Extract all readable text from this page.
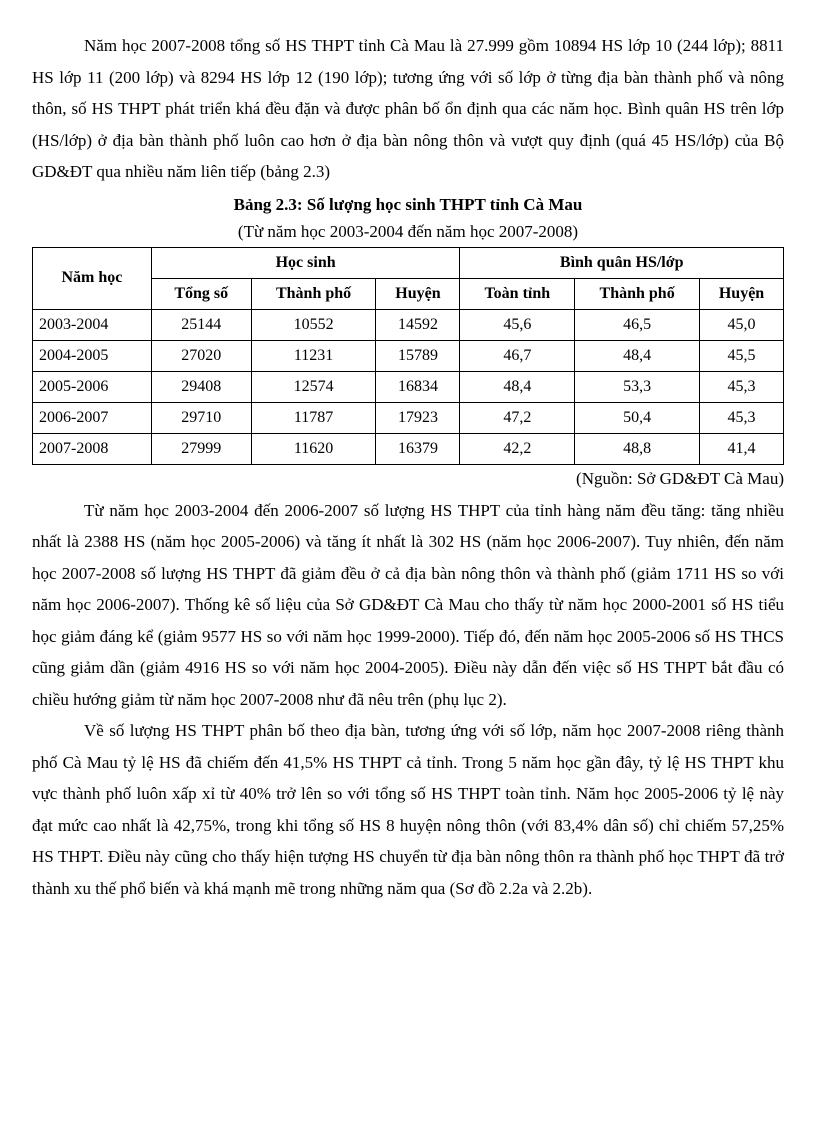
Năm học 2007-2008 tổng số HS THPT tỉnh Cà Mau là 27.999 gồm 10894 HS lớp 10 (244 lớp); 8811 HS lớp 11 (200 lớp) và 8294 HS lớp 12 (190 lớp); tương ứng với số lớp ở từng địa bàn thành phố và nông thôn, số HS THPT phát triển khá đều đặn và được phân bố ổn định qua các năm học. Bình quân HS trên lớp (HS/lớp) ở địa bàn thành phố luôn cao hơn ở địa bàn nông thôn và vượt quy định (quá 45 HS/lớp) của Bộ GD&ĐT qua nhiều năm liên tiếp (bảng 2.3)

Bảng 2.3: Số lượng học sinh THPT tỉnh Cà Mau
(Từ năm học 2003-2004 đến năm học 2007-2008)
Năm học	Học sinh			Bình quân HS/lớp		
	Tổng số	Thành phố	Huyện	Toàn tỉnh	Thành phố	Huyện
2003-2004	25144	10552	14592	45,6	46,5	45,0
2004-2005	27020	11231	15789	46,7	48,4	45,5
2005-2006	29408	12574	16834	48,4	53,3	45,3
2006-2007	29710	11787	17923	47,2	50,4	45,3
2007-2008	27999	11620	16379	42,2	48,8	41,4
(Nguồn: Sở GD&ĐT Cà Mau)

Từ năm học 2003-2004 đến 2006-2007 số lượng HS THPT của tỉnh hàng năm đều tăng: tăng nhiều nhất là 2388 HS (năm học 2005-2006) và tăng ít nhất là 302 HS (năm học 2006-2007). Tuy nhiên, đến năm học 2007-2008 số lượng HS THPT đã giảm đều ở cả địa bàn nông thôn và thành phố (giảm 1711 HS so với năm học 2006-2007). Thống kê số liệu của Sở GD&ĐT Cà Mau cho thấy từ năm học 2000-2001 số HS tiểu học giảm đáng kể (giảm 9577 HS so với năm học 1999-2000). Tiếp đó, đến năm học 2005-2006 số HS THCS cũng giảm dần (giảm 4916 HS so với năm học 2004-2005). Điều này dẫn đến việc số HS THPT bắt đầu có chiều hướng giảm từ năm học 2007-2008 như đã nêu trên (phụ lục 2).

Về số lượng HS THPT phân bố theo địa bàn, tương ứng với số lớp, năm học 2007-2008 riêng thành phố Cà Mau tỷ lệ HS đã chiếm đến 41,5% HS THPT cả tỉnh. Trong 5 năm học gần đây, tỷ lệ HS THPT khu vực thành phố luôn xấp xỉ từ 40% trở lên so với tổng số HS THPT toàn tỉnh. Năm học 2005-2006 tỷ lệ này đạt mức cao nhất là 42,75%, trong khi tổng số HS 8 huyện nông thôn (với 83,4% dân số) chỉ chiếm 57,25% HS THPT. Điều này cũng cho thấy hiện tượng HS chuyển từ địa bàn nông thôn ra thành phố học THPT đã trở thành xu thế phổ biến và khá mạnh mẽ trong những năm qua (Sơ đồ 2.2a và 2.2b).
